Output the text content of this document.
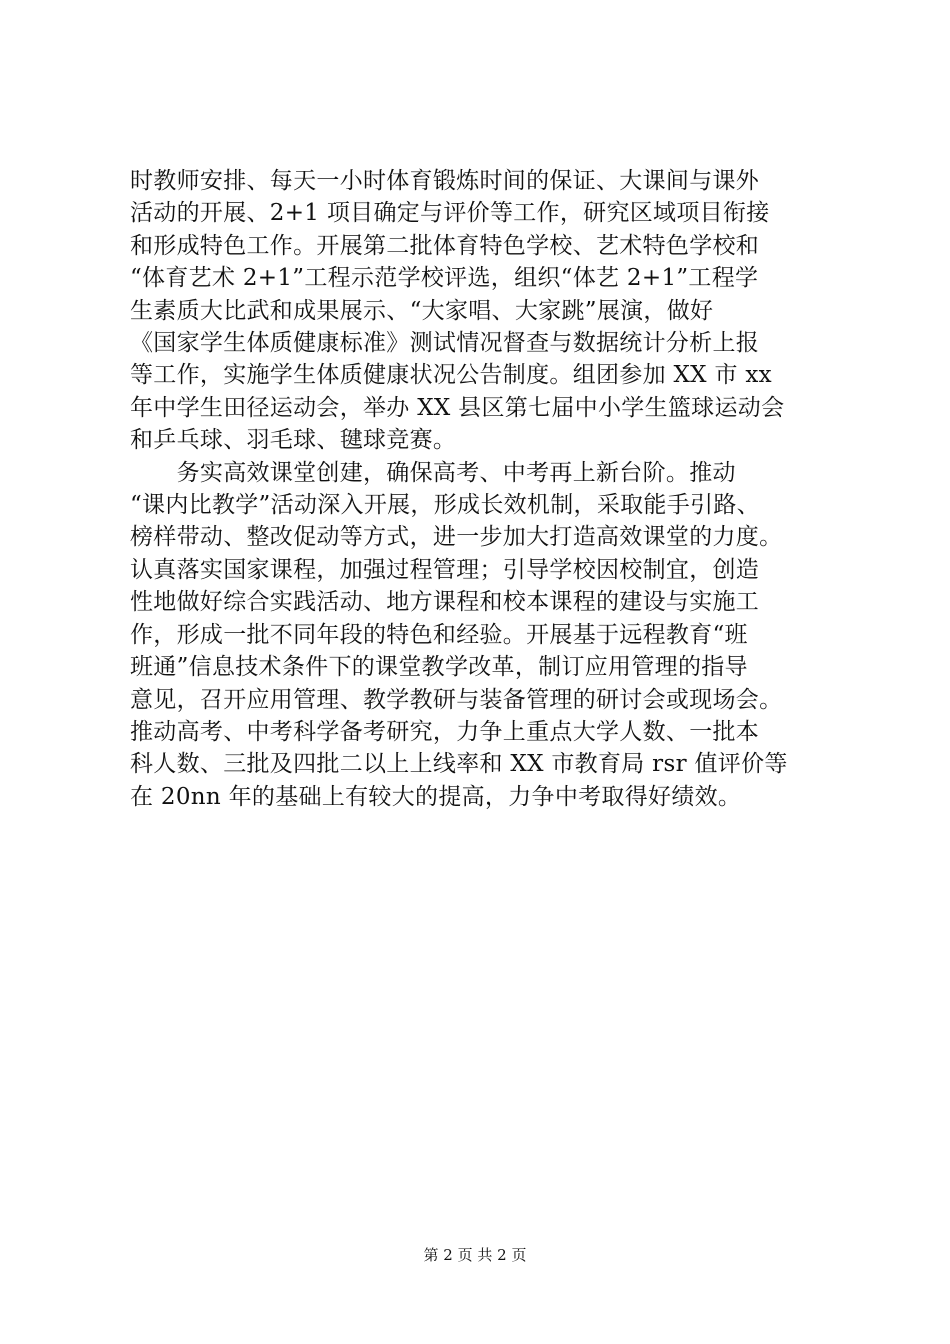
时教师安排、每天一小时体育锻炼时间的保证、大课间与课外
活动的开展、2+1 项目确定与评价等工作，研究区域项目衔接
和形成特色工作。开展第二批体育特色学校、艺术特色学校和
“体育艺术 2+1”工程示范学校评选，组织“体艺 2+1”工程学
生素质大比武和成果展示、“大家唱、大家跳”展演，做好
《国家学生体质健康标准》测试情况督查与数据统计分析上报
等工作，实施学生体质健康状况公告制度。组团参加 XX 市 xx
年中学生田径运动会，举办 XX 县区第七届中小学生篮球运动会
和乒乓球、羽毛球、毽球竞赛。
　　务实高效课堂创建，确保高考、中考再上新台阶。推动
“课内比教学”活动深入开展，形成长效机制，采取能手引路、
榜样带动、整改促动等方式，进一步加大打造高效课堂的力度。
认真落实国家课程，加强过程管理；引导学校因校制宜，创造
性地做好综合实践活动、地方课程和校本课程的建设与实施工
作，形成一批不同年段的特色和经验。开展基于远程教育“班
班通”信息技术条件下的课堂教学改革，制订应用管理的指导
意见，召开应用管理、教学教研与装备管理的研讨会或现场会。
推动高考、中考科学备考研究，力争上重点大学人数、一批本
科人数、三批及四批二以上上线率和 XX 市教育局 rsr 值评价等
在 20nn 年的基础上有较大的提高，力争中考取得好绩效。
第 2 页 共 2 页
